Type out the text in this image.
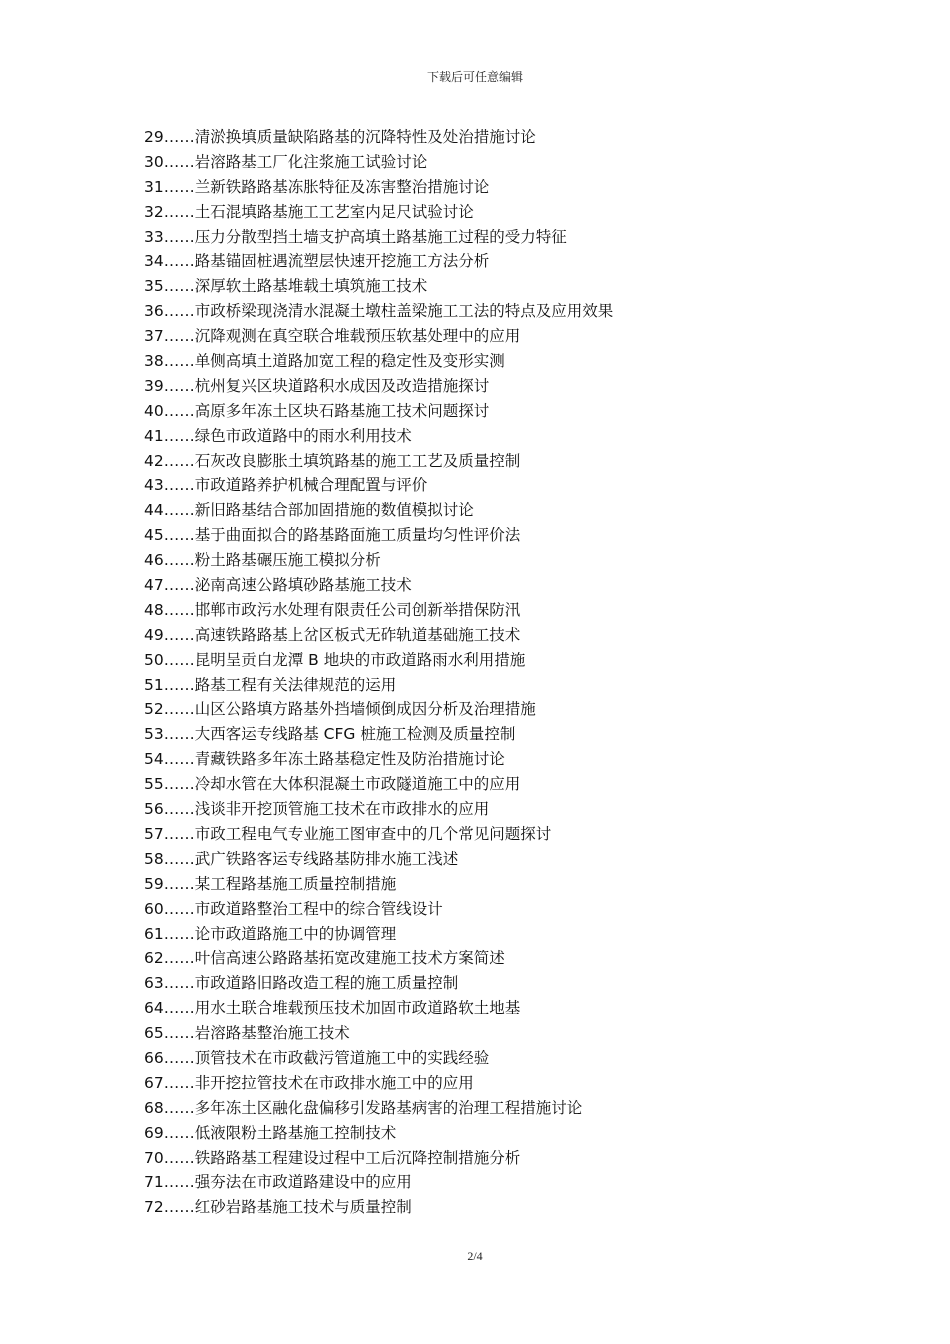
下载后可任意编辑
29……清淤换填质量缺陷路基的沉降特性及处治措施讨论
30……岩溶路基工厂化注浆施工试验讨论
31……兰新铁路路基冻胀特征及冻害整治措施讨论
32……土石混填路基施工工艺室内足尺试验讨论
33……压力分散型挡土墙支护高填土路基施工过程的受力特征
34……路基锚固桩遇流塑层快速开挖施工方法分析
35……深厚软土路基堆载土填筑施工技术
36……市政桥梁现浇清水混凝土墩柱盖梁施工工法的特点及应用效果
37……沉降观测在真空联合堆载预压软基处理中的应用
38……单侧高填土道路加宽工程的稳定性及变形实测
39……杭州复兴区块道路积水成因及改造措施探讨
40……高原多年冻土区块石路基施工技术问题探讨
41……绿色市政道路中的雨水利用技术
42……石灰改良膨胀土填筑路基的施工工艺及质量控制
43……市政道路养护机械合理配置与评价
44……新旧路基结合部加固措施的数值模拟讨论
45……基于曲面拟合的路基路面施工质量均匀性评价法
46……粉土路基碾压施工模拟分析
47……泌南高速公路填砂路基施工技术
48……邯郸市政污水处理有限责任公司创新举措保防汛
49……高速铁路路基上岔区板式无砟轨道基础施工技术
50……昆明呈贡白龙潭 B 地块的市政道路雨水利用措施
51……路基工程有关法律规范的运用
52……山区公路填方路基外挡墙倾倒成因分析及治理措施
53……大西客运专线路基 CFG 桩施工检测及质量控制
54……青藏铁路多年冻土路基稳定性及防治措施讨论
55……冷却水管在大体积混凝土市政隧道施工中的应用
56……浅谈非开挖顶管施工技术在市政排水的应用
57……市政工程电气专业施工图审查中的几个常见问题探讨
58……武广铁路客运专线路基防排水施工浅述
59……某工程路基施工质量控制措施
60……市政道路整治工程中的综合管线设计
61……论市政道路施工中的协调管理
62……叶信高速公路路基拓宽改建施工技术方案简述
63……市政道路旧路改造工程的施工质量控制
64……用水土联合堆载预压技术加固市政道路软土地基
65……岩溶路基整治施工技术
66……顶管技术在市政截污管道施工中的实践经验
67……非开挖拉管技术在市政排水施工中的应用
68……多年冻土区融化盘偏移引发路基病害的治理工程措施讨论
69……低液限粉土路基施工控制技术
70……铁路路基工程建设过程中工后沉降控制措施分析
71……强夯法在市政道路建设中的应用
72……红砂岩路基施工技术与质量控制
2/4
